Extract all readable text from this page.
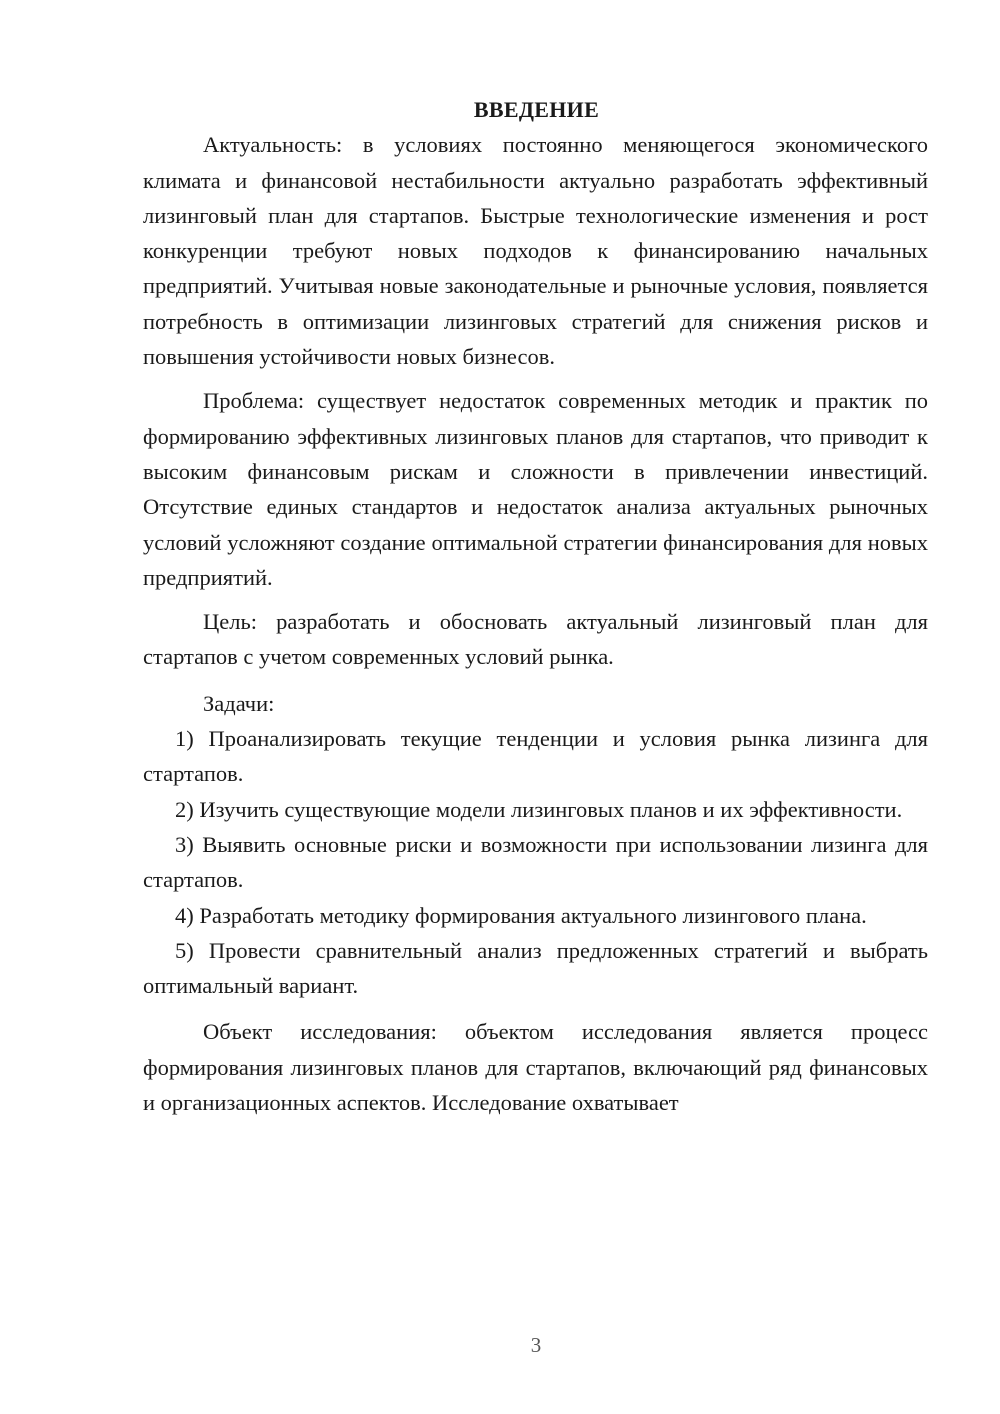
ВВЕДЕНИЕ

Актуальность: в условиях постоянно меняющегося экономического климата и финансовой нестабильности актуально разработать эффективный лизинговый план для стартапов. Быстрые технологические изменения и рост конкуренции требуют новых подходов к финансированию начальных предприятий. Учитывая новые законодательные и рыночные условия, появляется потребность в оптимизации лизинговых стратегий для снижения рисков и повышения устойчивости новых бизнесов.

Проблема: существует недостаток современных методик и практик по формированию эффективных лизинговых планов для стартапов, что приводит к высоким финансовым рискам и сложности в привлечении инвестиций. Отсутствие единых стандартов и недостаток анализа актуальных рыночных условий усложняют создание оптимальной стратегии финансирования для новых предприятий.

Цель: разработать и обосновать актуальный лизинговый план для стартапов с учетом современных условий рынка.

Задачи:

1) Проанализировать текущие тенденции и условия рынка лизинга для стартапов.

2) Изучить существующие модели лизинговых планов и их эффективности.

3) Выявить основные риски и возможности при использовании лизинга для стартапов.

4) Разработать методику формирования актуального лизингового плана.

5) Провести сравнительный анализ предложенных стратегий и выбрать оптимальный вариант.

Объект исследования: объектом исследования является процесс формирования лизинговых планов для стартапов, включающий ряд финансовых и организационных аспектов. Исследование охватывает

3
